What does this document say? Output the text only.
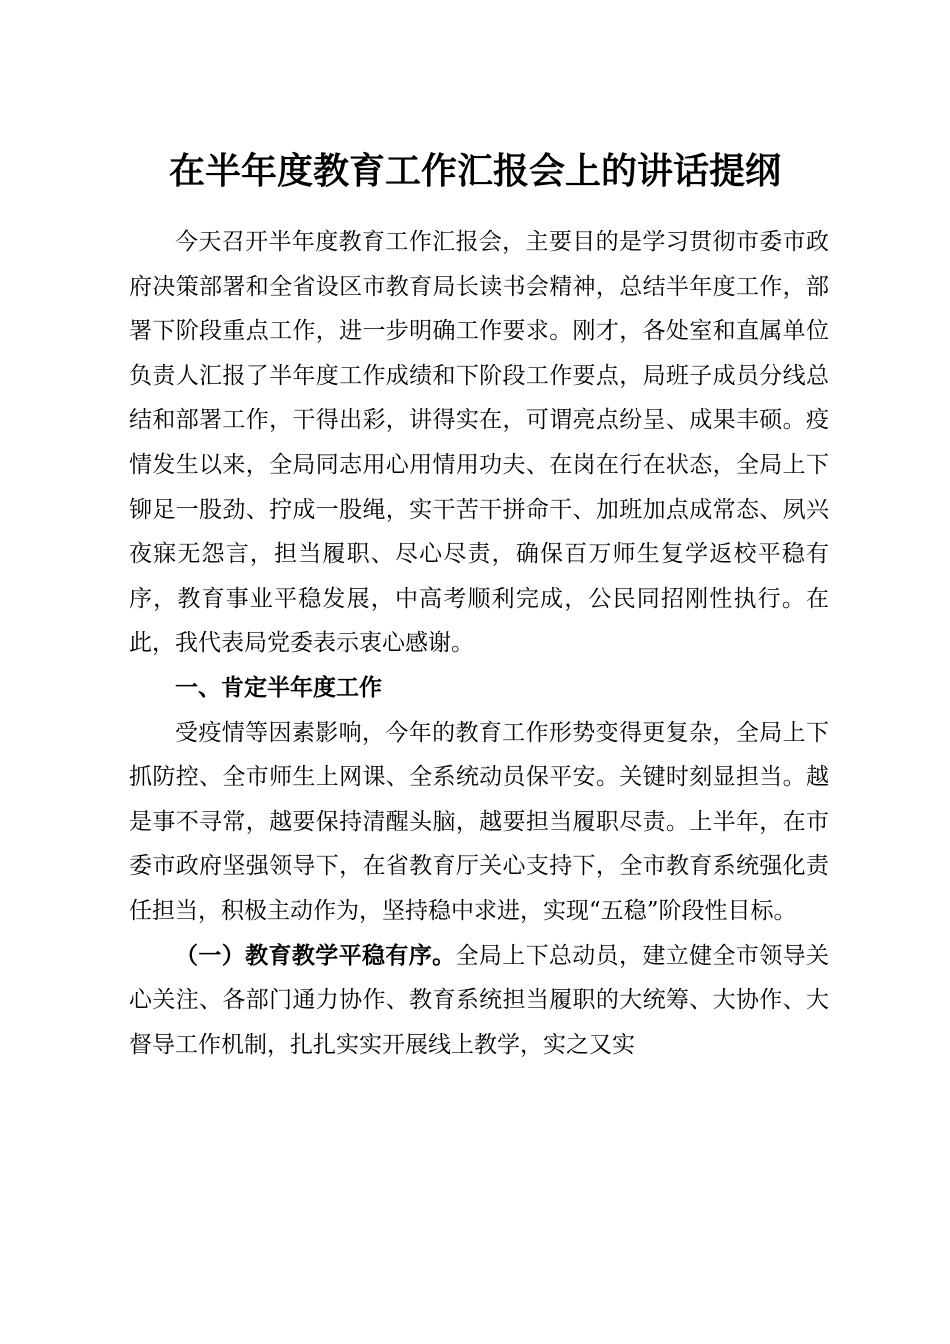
在半年度教育工作汇报会上的讲话提纲

今天召开半年度教育工作汇报会，主要目的是学习贯彻市委市政府决策部署和全省设区市教育局长读书会精神，总结半年度工作，部署下阶段重点工作，进一步明确工作要求。刚才，各处室和直属单位负责人汇报了半年度工作成绩和下阶段工作要点，局班子成员分线总结和部署工作，干得出彩，讲得实在，可谓亮点纷呈、成果丰硕。疫情发生以来，全局同志用心用情用功夫、在岗在行在状态，全局上下铆足一股劲、拧成一股绳，实干苦干拼命干、加班加点成常态、夙兴夜寐无怨言，担当履职、尽心尽责，确保百万师生复学返校平稳有序，教育事业平稳发展，中高考顺利完成，公民同招刚性执行。在此，我代表局党委表示衷心感谢。

一、肯定半年度工作

受疫情等因素影响，今年的教育工作形势变得更复杂，全局上下抓防控、全市师生上网课、全系统动员保平安。关键时刻显担当。越是事不寻常，越要保持清醒头脑，越要担当履职尽责。上半年，在市委市政府坚强领导下，在省教育厅关心支持下，全市教育系统强化责任担当，积极主动作为，坚持稳中求进，实现“五稳”阶段性目标。

（一）教育教学平稳有序。全局上下总动员，建立健全市领导关心关注、各部门通力协作、教育系统担当履职的大统筹、大协作、大督导工作机制，扎扎实实开展线上教学，实之又实
